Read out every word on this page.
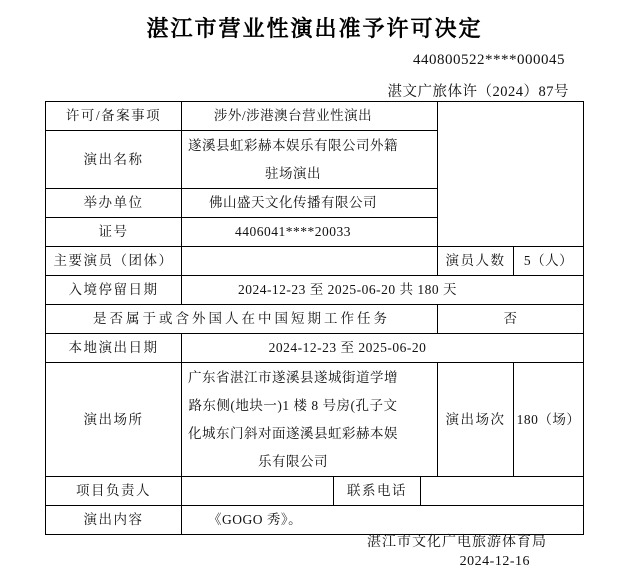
湛江市营业性演出准予许可决定
440800522****000045
湛文广旅体许（2024）87号
许可/备案事项	涉外/涉港澳台营业性演出				
演出名称	遂溪县虹彩赫本娱乐有限公司外籍驻场演出				
举办单位	佛山盛天文化传播有限公司				
证号	4406041****20033				
主要演员（团体）				演员人数	5（人）
入境停留日期	2024-12-23 至 2025-06-20 共 180 天				
是否属于或含外国人在中国短期工作任务				否	
本地演出日期	2024-12-23 至 2025-06-20				
演出场所	广东省湛江市遂溪县遂城街道学增路东侧(地块一)1 楼 8 号房(孔子文化城东门斜对面遂溪县虹彩赫本娱乐有限公司			演出场次	180（场）
项目负责人		联系电话			
演出内容	《GOGO 秀》。				
湛江市文化广电旅游体育局
2024-12-16
